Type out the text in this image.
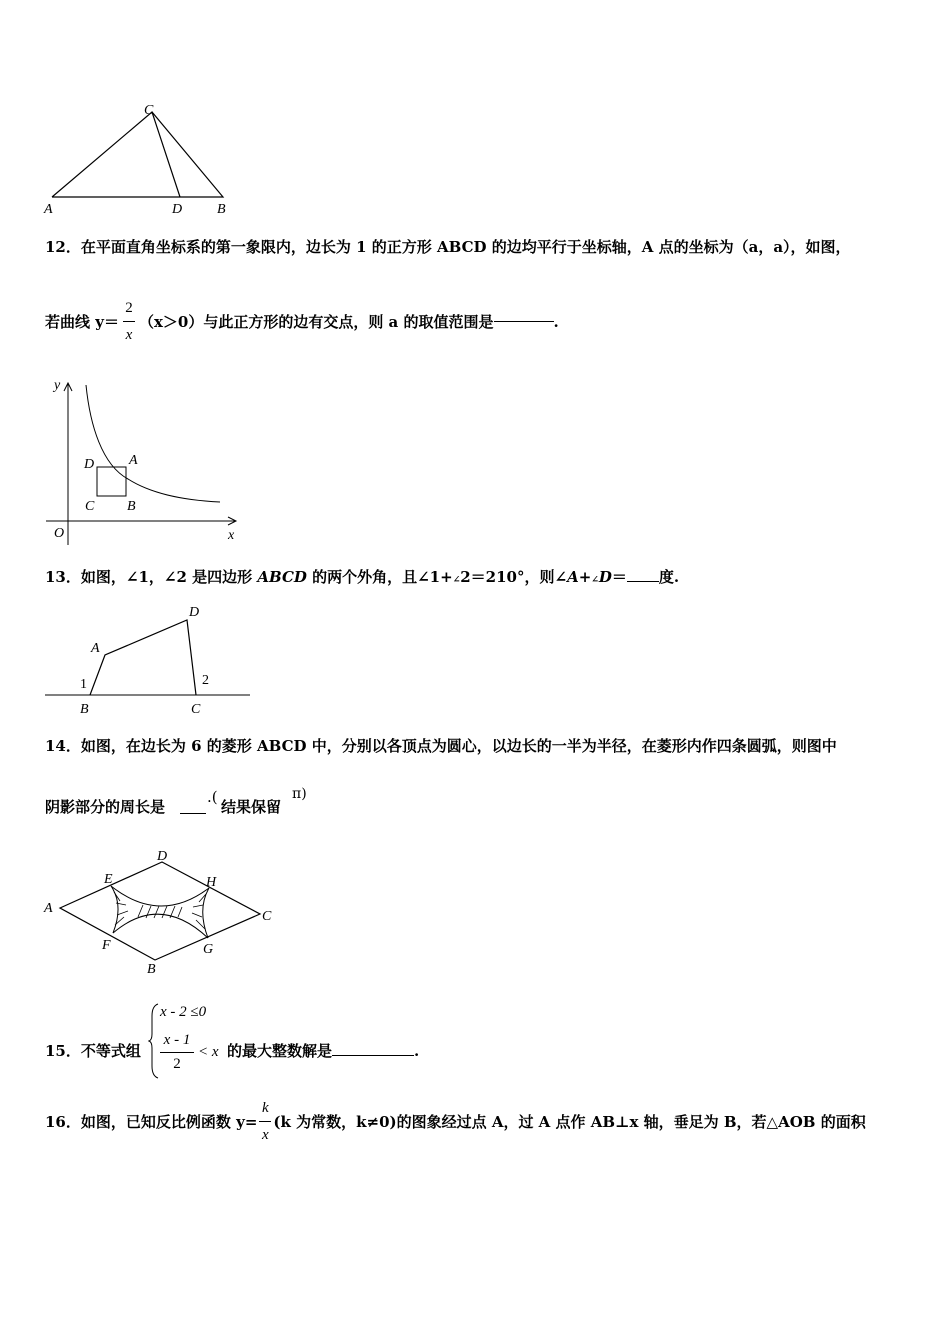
C
A	D B
12．在平面直角坐标系的第一象限内，边长为 1 的正方形 ABCD 的边均平行于坐标轴，A 点的坐标为（a，a），如图，
若曲线 $y= \frac{2}{x} (x>0)$与此正方形的边有交点，则 a 的取值范围是	.
y
x
O
D A
C B
13．如图，∠1，∠2 是四边形 ABCD 的两个外角，且∠1+∠2＝210°，则∠A+∠D＝ 度.
D
A
1	2
B	C
14．如图，在边长为 6 的菱形 ABCD 中，分别以各顶点为圆心，以边长的一半为半径，在菱形内作四条圆弧，则图中
阴影部分的周长是
.(
结果保留
π)
A
D
E	H
C
F	G
B
15．不等式组
x - 2 ≤0
x - 1
2
< x 的最大整数解是	.
16．如图，已知反比例函数 $y= \frac{k}{x} (k$ 为常数，k≠0)的图象经过点 A，过 A 点作 AB⊥x 轴，垂足为 B，若△AOB 的面积
